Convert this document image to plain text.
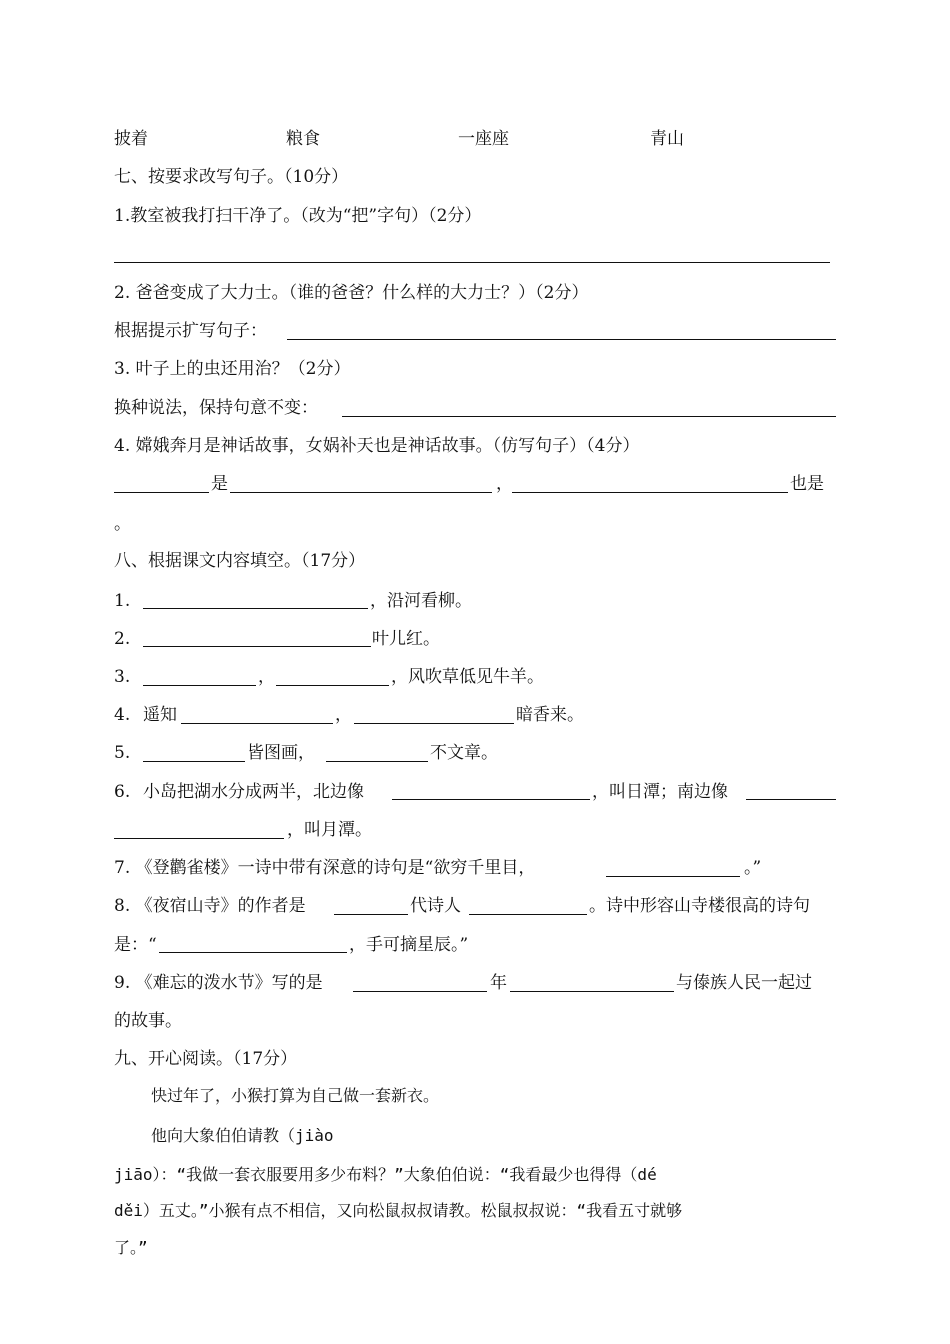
披着	粮食	一座座	青山
七、按要求改写句子。（10分）
1.教室被我打扫干净了。（改为“把”字句）（2分）
2. 爸爸变成了大力士。（谁的爸爸？什么样的大力士？）（2分）
根据提示扩写句子：
3. 叶子上的虫还用治？（2分）
换种说法，保持句意不变：
4. 嫦娥奔月是神话故事，女娲补天也是神话故事。（仿写句子）（4分）
是	，	也是
。
八、根据课文内容填空。（17分）
1.	，沿河看柳。
2.	叶儿红。
3.	，	，风吹草低见牛羊。
4. 遥知	，	暗香来。
5.	皆图画，	不文章。
6. 小岛把湖水分成两半，北边像	，叫日潭；南边像
，叫月潭。
7. 《登鹳雀楼》一诗中带有深意的诗句是“欲穷千里目，	。”
8. 《夜宿山寺》的作者是	代诗人	。诗中形容山寺楼很高的诗句
是：“	，手可摘星辰。”
9. 《难忘的泼水节》写的是	年	与傣族人民一起过
的故事。
九、开心阅读。（17分）
快过年了，小猴打算为自己做一套新衣。
他向大象伯伯请教（jiào
jiāo）：“我做一套衣服要用多少布料？”大象伯伯说：“我看最少也得得（dé
děi）五丈。”小猴有点不相信，又向松鼠叔叔请教。松鼠叔叔说：“我看五寸就够
了。”
